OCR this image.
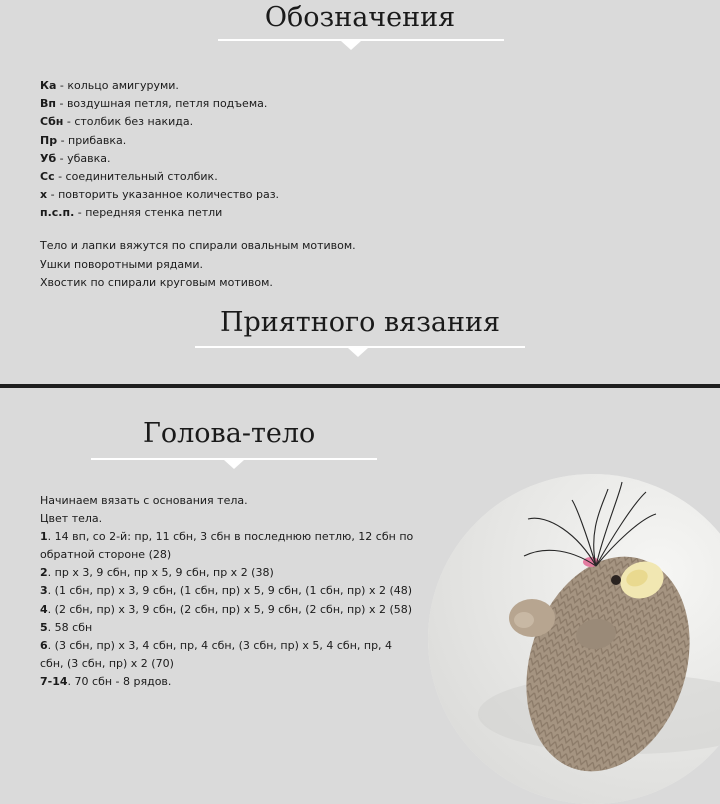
Обозначения
Ка - кольцо амигуруми.
Вп - воздушная петля, петля подъема.
Сбн - столбик без накида.
Пр - прибавка.
Уб - убавка.
Сс - соединительный столбик.
х - повторить указанное количество раз.
п.с.п. - передняя стенка петли
Тело и лапки вяжутся по спирали овальным мотивом.
Ушки поворотными рядами.
Хвостик по спирали круговым мотивом.
Приятного вязания
Голова-тело
Начинаем вязать с основания тела.
Цвет тела.
1. 14 вп, со 2-й: пр, 11 сбн, 3 сбн в последнюю петлю, 12 сбн по
обратной стороне (28)
2. пр х 3, 9 сбн, пр х 5, 9 сбн, пр х 2 (38)
3. (1 сбн, пр) х 3, 9 сбн, (1 сбн, пр) х 5, 9 сбн, (1 сбн, пр) х 2 (48)
4. (2 сбн, пр) х 3, 9 сбн, (2 сбн, пр) х 5, 9 сбн, (2 сбн, пр) х 2 (58)
5. 58 сбн
6. (3 сбн, пр) х 3, 4 сбн, пр, 4 сбн, (3 сбн, пр) х 5, 4 сбн, пр, 4
сбн, (3 сбн, пр) х 2 (70)
7-14. 70 сбн - 8 рядов.
